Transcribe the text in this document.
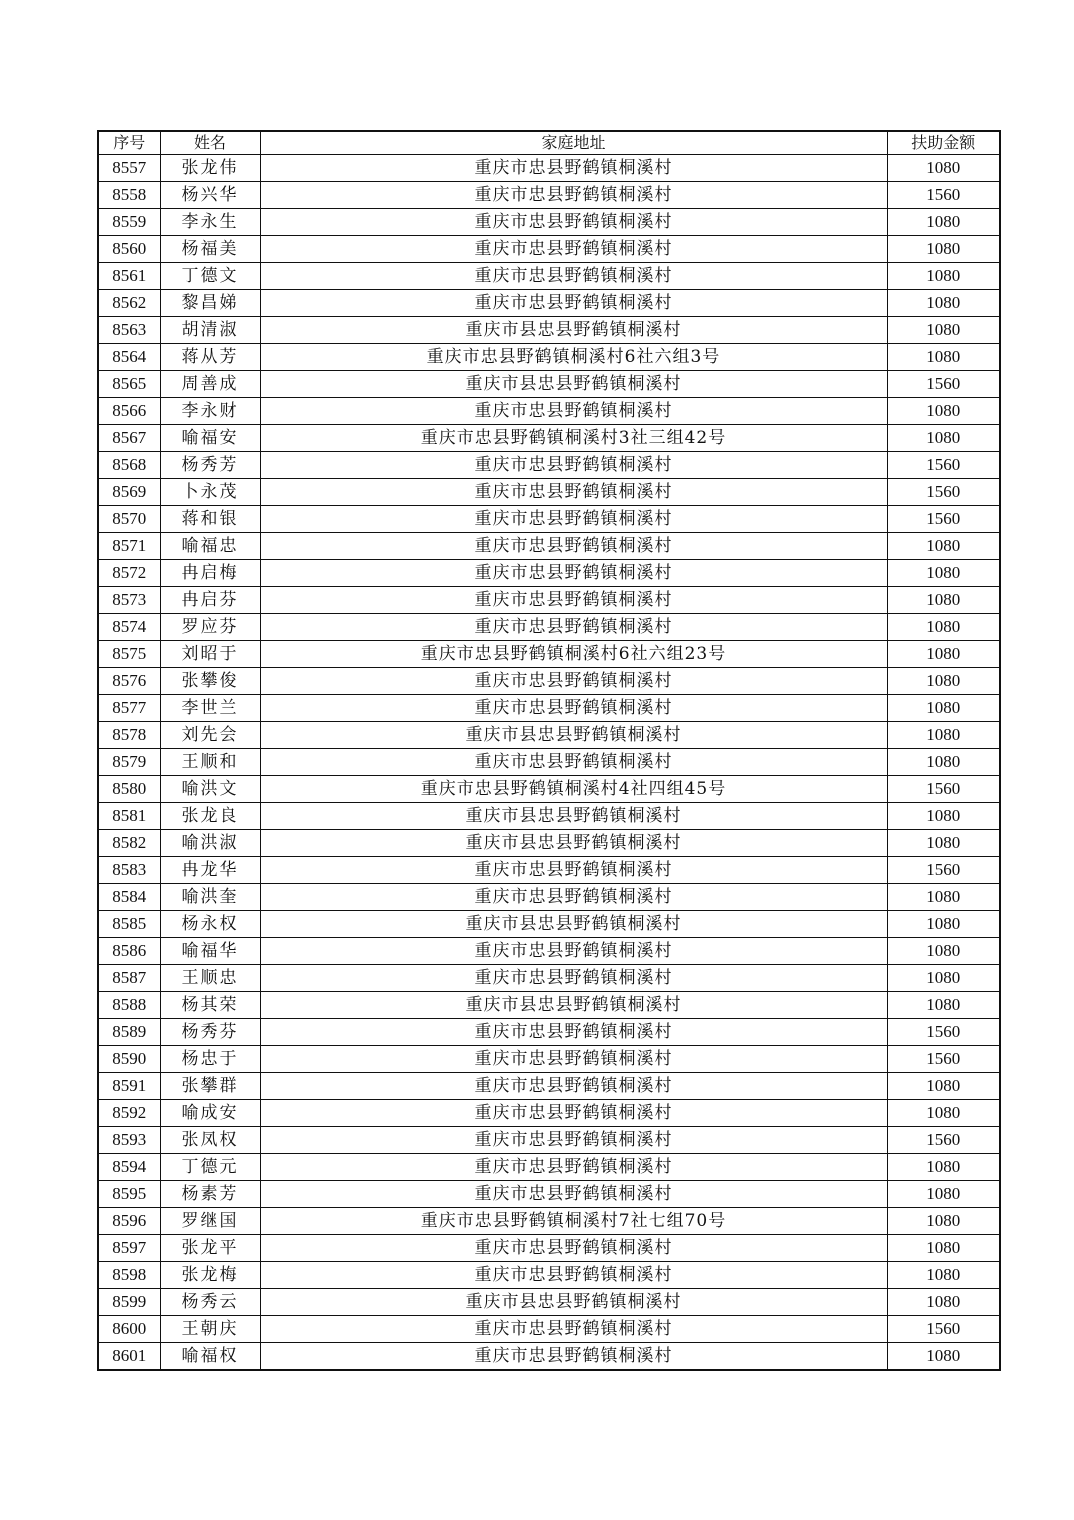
序号	姓名	家庭地址	扶助金额
8557	张龙伟	重庆市忠县野鹤镇桐溪村	1080
8558	杨兴华	重庆市忠县野鹤镇桐溪村	1560
8559	李永生	重庆市忠县野鹤镇桐溪村	1080
8560	杨福美	重庆市忠县野鹤镇桐溪村	1080
8561	丁德文	重庆市忠县野鹤镇桐溪村	1080
8562	黎昌娣	重庆市忠县野鹤镇桐溪村	1080
8563	胡清淑	重庆市县忠县野鹤镇桐溪村	1080
8564	蒋从芳	重庆市忠县野鹤镇桐溪村6社六组3号	1080
8565	周善成	重庆市县忠县野鹤镇桐溪村	1560
8566	李永财	重庆市忠县野鹤镇桐溪村	1080
8567	喻福安	重庆市忠县野鹤镇桐溪村3社三组42号	1080
8568	杨秀芳	重庆市忠县野鹤镇桐溪村	1560
8569	卜永茂	重庆市忠县野鹤镇桐溪村	1560
8570	蒋和银	重庆市忠县野鹤镇桐溪村	1560
8571	喻福忠	重庆市忠县野鹤镇桐溪村	1080
8572	冉启梅	重庆市忠县野鹤镇桐溪村	1080
8573	冉启芬	重庆市忠县野鹤镇桐溪村	1080
8574	罗应芬	重庆市忠县野鹤镇桐溪村	1080
8575	刘昭于	重庆市忠县野鹤镇桐溪村6社六组23号	1080
8576	张攀俊	重庆市忠县野鹤镇桐溪村	1080
8577	李世兰	重庆市忠县野鹤镇桐溪村	1080
8578	刘先会	重庆市县忠县野鹤镇桐溪村	1080
8579	王顺和	重庆市忠县野鹤镇桐溪村	1080
8580	喻洪文	重庆市忠县野鹤镇桐溪村4社四组45号	1560
8581	张龙良	重庆市县忠县野鹤镇桐溪村	1080
8582	喻洪淑	重庆市县忠县野鹤镇桐溪村	1080
8583	冉龙华	重庆市忠县野鹤镇桐溪村	1560
8584	喻洪奎	重庆市忠县野鹤镇桐溪村	1080
8585	杨永权	重庆市县忠县野鹤镇桐溪村	1080
8586	喻福华	重庆市忠县野鹤镇桐溪村	1080
8587	王顺忠	重庆市忠县野鹤镇桐溪村	1080
8588	杨其荣	重庆市县忠县野鹤镇桐溪村	1080
8589	杨秀芬	重庆市忠县野鹤镇桐溪村	1560
8590	杨忠于	重庆市忠县野鹤镇桐溪村	1560
8591	张攀群	重庆市忠县野鹤镇桐溪村	1080
8592	喻成安	重庆市忠县野鹤镇桐溪村	1080
8593	张凤权	重庆市忠县野鹤镇桐溪村	1560
8594	丁德元	重庆市忠县野鹤镇桐溪村	1080
8595	杨素芳	重庆市忠县野鹤镇桐溪村	1080
8596	罗继国	重庆市忠县野鹤镇桐溪村7社七组70号	1080
8597	张龙平	重庆市忠县野鹤镇桐溪村	1080
8598	张龙梅	重庆市忠县野鹤镇桐溪村	1080
8599	杨秀云	重庆市县忠县野鹤镇桐溪村	1080
8600	王朝庆	重庆市忠县野鹤镇桐溪村	1560
8601	喻福权	重庆市忠县野鹤镇桐溪村	1080
